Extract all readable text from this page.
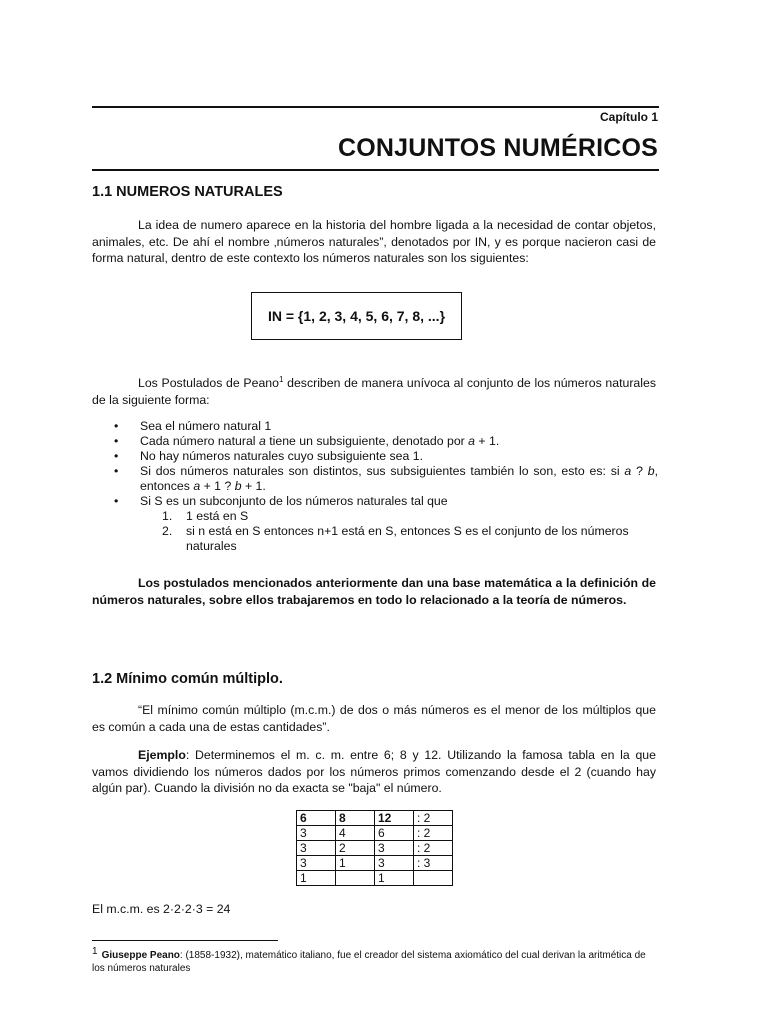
Capítulo 1
CONJUNTOS NUMÉRICOS
1.1 NUMEROS NATURALES
La idea de numero aparece en la historia del hombre ligada a la necesidad de contar objetos, animales, etc. De ahí el nombre ‚números naturales”, denotados por IN, y es porque nacieron casi de forma natural, dentro de este contexto los números naturales son los siguientes:
IN = {1, 2, 3, 4, 5, 6, 7, 8, ...}
Los Postulados de Peano$^1$ describen de manera unívoca al conjunto de los números naturales de la siguiente forma:
• Sea el número natural 1
• Cada número natural a tiene un subsiguiente, denotado por a + 1.
• No hay números naturales cuyo subsiguiente sea 1.
• Si dos números naturales son distintos, sus subsiguientes también lo son, esto es: si a ? b, entonces a + 1 ? b + 1.
• Si S es un subconjunto de los números naturales tal que
1. 1 está en S
2. si n está en S entonces n+1 está en S, entonces S es el conjunto de los números naturales
Los postulados mencionados anteriormente dan una base matemática a la definición de números naturales, sobre ellos trabajaremos en todo lo relacionado a la teoría de números.
1.2 Mínimo común múltiplo.
“El mínimo común múltiplo (m.c.m.) de dos o más números es el menor de los múltiplos que es común a cada una de estas cantidades”.
Ejemplo: Determinemos el m. c. m. entre 6; 8 y 12. Utilizando la famosa tabla en la que vamos dividiendo los números dados por los números primos comenzando desde el 2 (cuando hay algún par). Cuando la división no da exacta se "baja" el número.
6	8	12	: 2
3	4	6	: 2
3	2	3	: 2
3	1	3	: 3
1		1	
El m.c.m. es 2·2·2·3 = 24
1 Giuseppe Peano: (1858-1932), matemático italiano, fue el creador del sistema axiomático del cual derivan la aritmética de los números naturales
